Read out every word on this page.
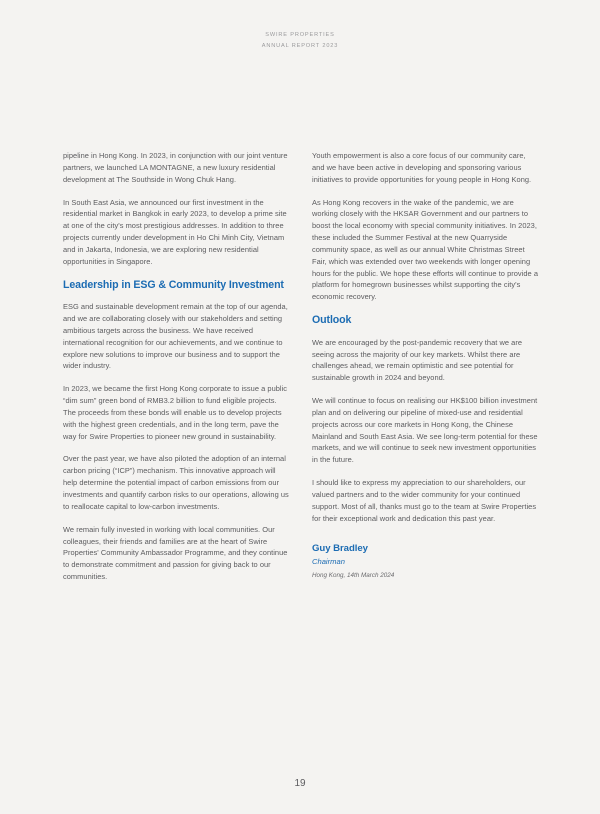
SWIRE PROPERTIES
ANNUAL REPORT 2023

pipeline in Hong Kong. In 2023, in conjunction with our joint venture partners, we launched LA MONTAGNE, a new luxury residential development at The Southside in Wong Chuk Hang.

In South East Asia, we announced our first investment in the residential market in Bangkok in early 2023, to develop a prime site at one of the city's most prestigious addresses. In addition to three projects currently under development in Ho Chi Minh City, Vietnam and in Jakarta, Indonesia, we are exploring new residential opportunities in Singapore.

Leadership in ESG & Community Investment

ESG and sustainable development remain at the top of our agenda, and we are collaborating closely with our stakeholders and setting ambitious targets across the business. We have received international recognition for our achievements, and we continue to explore new solutions to improve our business and to support the wider industry.

In 2023, we became the first Hong Kong corporate to issue a public “dim sum” green bond of RMB3.2 billion to fund eligible projects. The proceeds from these bonds will enable us to develop projects with the highest green credentials, and in the long term, pave the way for Swire Properties to pioneer new ground in sustainability.

Over the past year, we have also piloted the adoption of an internal carbon pricing (“ICP”) mechanism. This innovative approach will help determine the potential impact of carbon emissions from our investments and quantify carbon risks to our operations, allowing us to reallocate capital to low-carbon investments.

We remain fully invested in working with local communities. Our colleagues, their friends and families are at the heart of Swire Properties' Community Ambassador Programme, and they continue to demonstrate commitment and passion for giving back to our communities.

Youth empowerment is also a core focus of our community care, and we have been active in developing and sponsoring various initiatives to provide opportunities for young people in Hong Kong.

As Hong Kong recovers in the wake of the pandemic, we are working closely with the HKSAR Government and our partners to boost the local economy with special community initiatives. In 2023, these included the Summer Festival at the new Quarryside community space, as well as our annual White Christmas Street Fair, which was extended over two weekends with longer opening hours for the public. We hope these efforts will continue to provide a platform for homegrown businesses whilst supporting the city's economic recovery.

Outlook

We are encouraged by the post-pandemic recovery that we are seeing across the majority of our key markets. Whilst there are challenges ahead, we remain optimistic and see potential for sustainable growth in 2024 and beyond.

We will continue to focus on realising our HK$100 billion investment plan and on delivering our pipeline of mixed-use and residential projects across our core markets in Hong Kong, the Chinese Mainland and South East Asia. We see long-term potential for these markets, and we will continue to seek new investment opportunities in the future.

I should like to express my appreciation to our shareholders, our valued partners and to the wider community for your continued support. Most of all, thanks must go to the team at Swire Properties for their exceptional work and dedication this past year.

Guy Bradley
Chairman
Hong Kong, 14th March 2024
19
